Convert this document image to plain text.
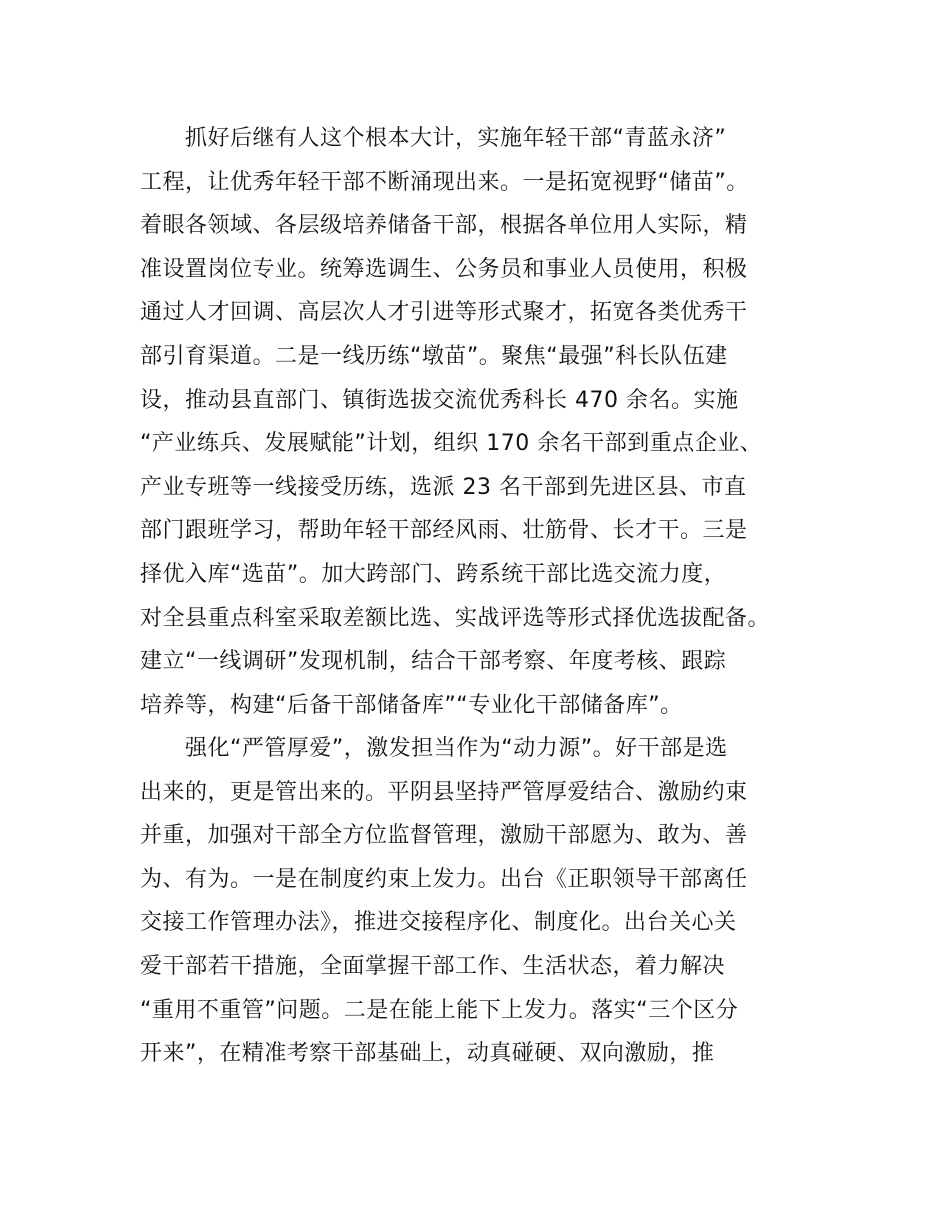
　　抓好后继有人这个根本大计，实施年轻干部“青蓝永济”
工程，让优秀年轻干部不断涌现出来。一是拓宽视野“储苗”。
着眼各领域、各层级培养储备干部，根据各单位用人实际，精
准设置岗位专业。统筹选调生、公务员和事业人员使用，积极
通过人才回调、高层次人才引进等形式聚才，拓宽各类优秀干
部引育渠道。二是一线历练“墩苗”。聚焦“最强”科长队伍建
设，推动县直部门、镇街选拔交流优秀科长 470 余名。实施
“产业练兵、发展赋能”计划，组织 170 余名干部到重点企业、
产业专班等一线接受历练，选派 23 名干部到先进区县、市直
部门跟班学习，帮助年轻干部经风雨、壮筋骨、长才干。三是
择优入库“选苗”。加大跨部门、跨系统干部比选交流力度，
对全县重点科室采取差额比选、实战评选等形式择优选拔配备。
建立“一线调研”发现机制，结合干部考察、年度考核、跟踪
培养等，构建“后备干部储备库”“专业化干部储备库”。
　　强化“严管厚爱”，激发担当作为“动力源”。好干部是选
出来的，更是管出来的。平阴县坚持严管厚爱结合、激励约束
并重，加强对干部全方位监督管理，激励干部愿为、敢为、善
为、有为。一是在制度约束上发力。出台《正职领导干部离任
交接工作管理办法》，推进交接程序化、制度化。出台关心关
爱干部若干措施，全面掌握干部工作、生活状态，着力解决
“重用不重管”问题。二是在能上能下上发力。落实“三个区分
开来”，在精准考察干部基础上，动真碰硬、双向激励，推
